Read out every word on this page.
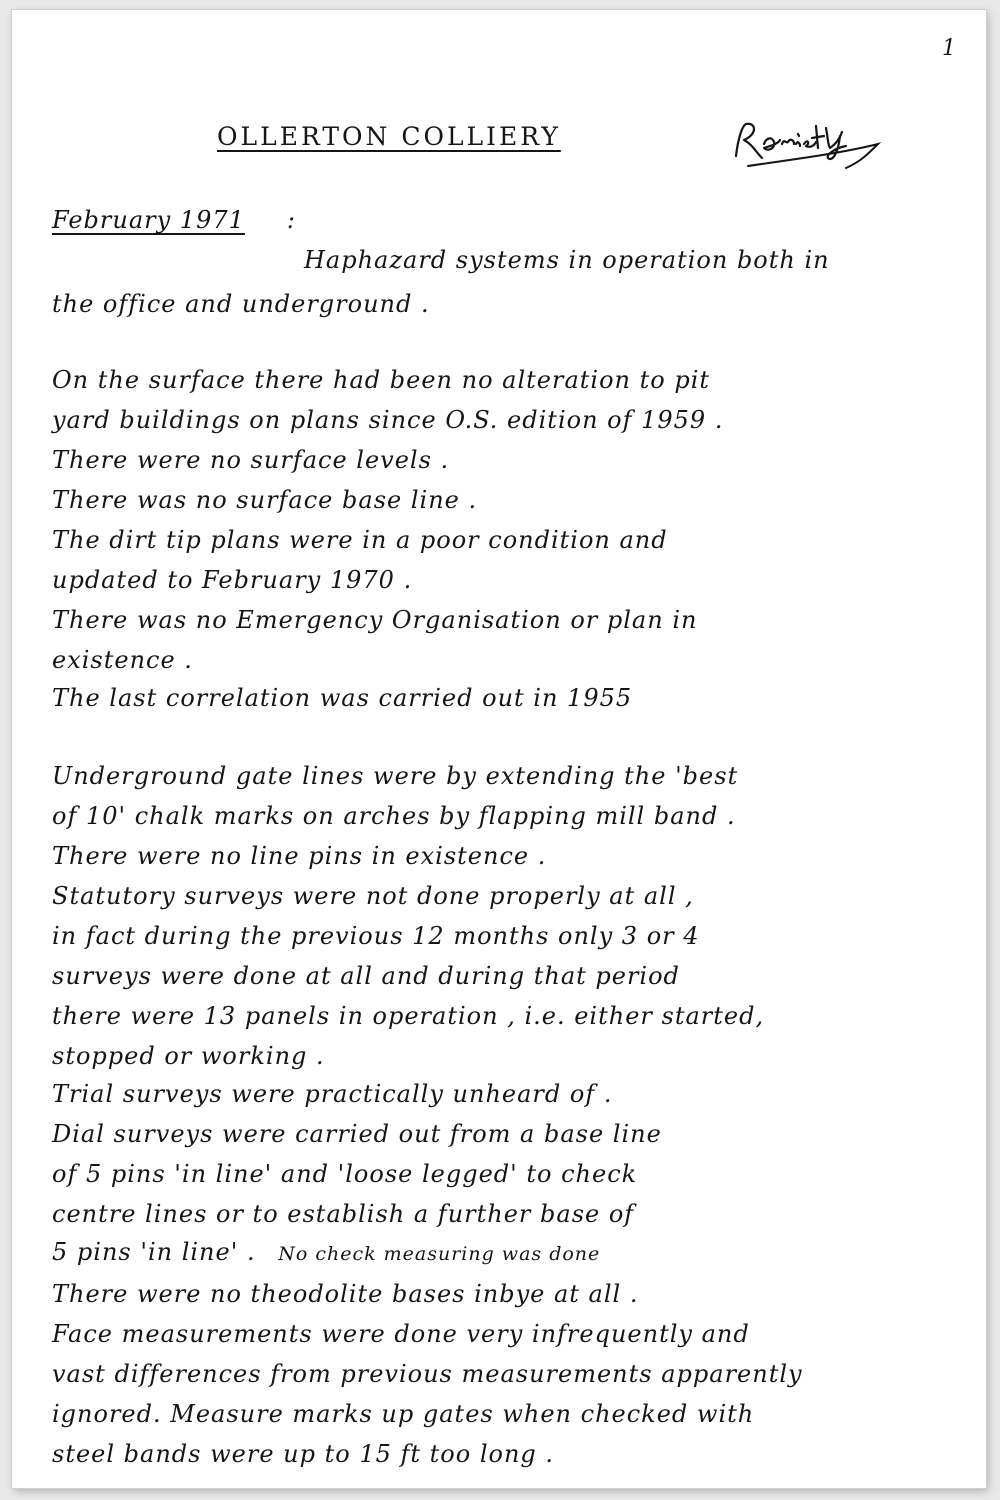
1
OLLERTON COLLIERY
February 1971 :
Haphazard systems in operation both in
the office and underground .
On the surface there had been no alteration to pit
yard buildings on plans since O.S. edition of 1959 .
There were no surface levels .
There was no surface base line .
The dirt tip plans were in a poor condition and
updated to February 1970 .
There was no Emergency Organisation or plan in
existence .
The last correlation was carried out in 1955
Underground gate lines were by extending the 'best
of 10' chalk marks on arches by flapping mill band .
There were no line pins in existence .
Statutory surveys were not done properly at all ,
in fact during the previous 12 months only 3 or 4
surveys were done at all and during that period
there were 13 panels in operation , i.e. either started,
stopped or working .
Trial surveys were practically unheard of .
Dial surveys were carried out from a base line
of 5 pins 'in line' and 'loose legged' to check
centre lines or to establish a further base of
5 pins 'in line' . No check measuring was done
There were no theodolite bases inbye at all .
Face measurements were done very infrequently and
vast differences from previous measurements apparently
ignored. Measure marks up gates when checked with
steel bands were up to 15 ft too long .
